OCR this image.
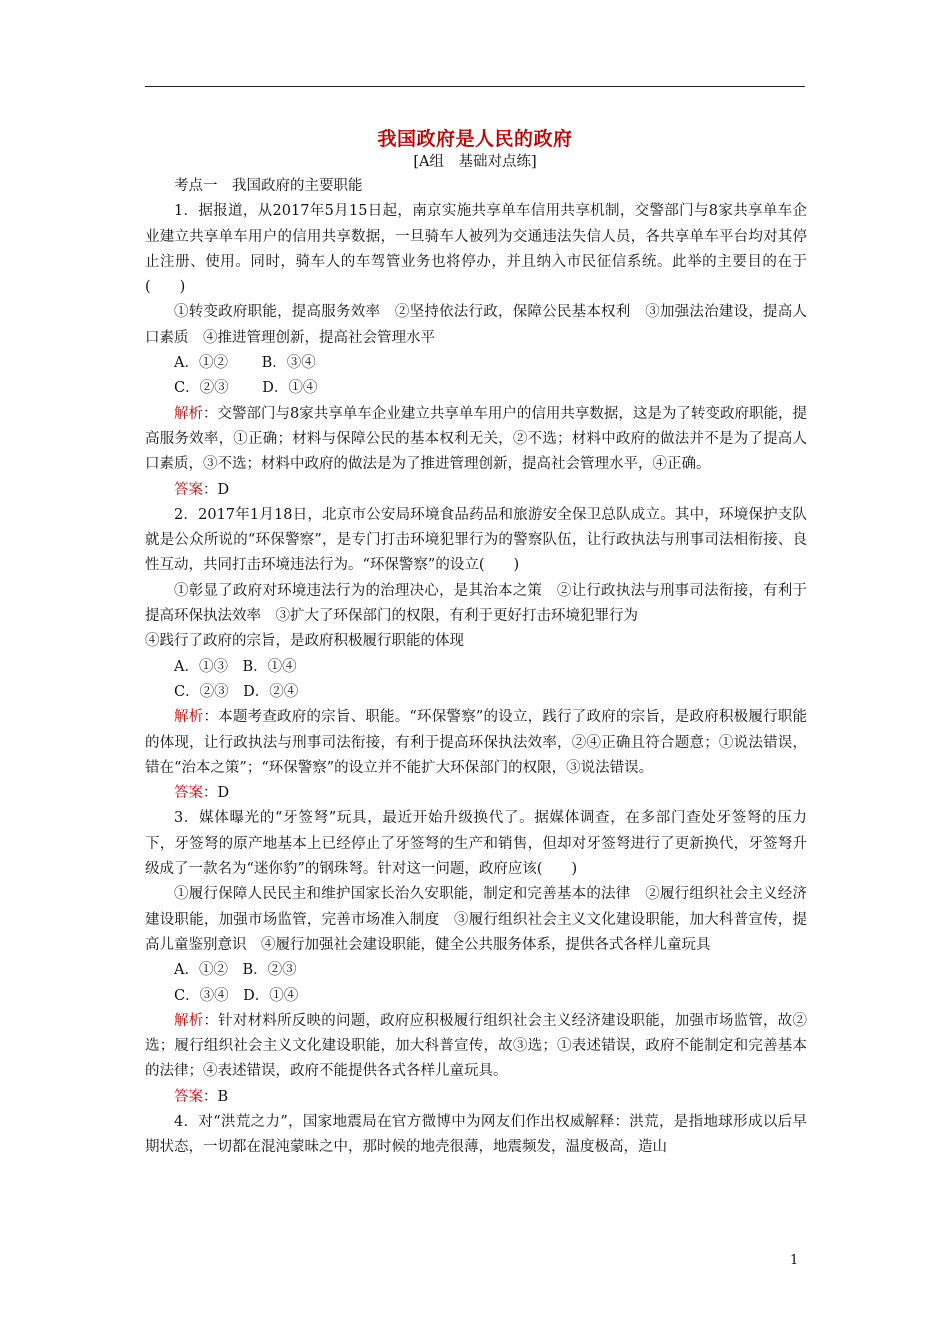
我国政府是人民的政府
[A组　基础对点练]

考点一　我国政府的主要职能

1．据报道，从2017年5月15日起，南京实施共享单车信用共享机制，交警部门与8家共享单车企业建立共享单车用户的信用共享数据，一旦骑车人被列为交通违法失信人员，各共享单车平台均对其停止注册、使用。同时，骑车人的车驾管业务也将停办，并且纳入市民征信系统。此举的主要目的在于(　　)

①转变政府职能，提高服务效率　②坚持依法行政，保障公民基本权利　③加强法治建设，提高人口素质　④推进管理创新，提高社会管理水平

A．①②　　 B．③④

C．②③　　 D．①④

解析：交警部门与8家共享单车企业建立共享单车用户的信用共享数据，这是为了转变政府职能，提高服务效率，①正确；材料与保障公民的基本权利无关，②不选；材料中政府的做法并不是为了提高人口素质，③不选；材料中政府的做法是为了推进管理创新，提高社会管理水平，④正确。

答案：D

2．2017年1月18日，北京市公安局环境食品药品和旅游安全保卫总队成立。其中，环境保护支队就是公众所说的“环保警察”，是专门打击环境犯罪行为的警察队伍，让行政执法与刑事司法相衔接、良性互动，共同打击环境违法行为。“环保警察”的设立(　　)

①彰显了政府对环境违法行为的治理决心，是其治本之策　②让行政执法与刑事司法衔接，有利于提高环保执法效率　③扩大了环保部门的权限，有利于更好打击环境犯罪行为

④践行了政府的宗旨，是政府积极履行职能的体现

A．①③　B．①④

C．②③　D．②④

解析：本题考查政府的宗旨、职能。“环保警察”的设立，践行了政府的宗旨，是政府积极履行职能的体现，让行政执法与刑事司法衔接，有利于提高环保执法效率，②④正确且符合题意；①说法错误，错在“治本之策”；“环保警察”的设立并不能扩大环保部门的权限，③说法错误。

答案：D

3．媒体曝光的“牙签弩”玩具，最近开始升级换代了。据媒体调查，在多部门查处牙签弩的压力下，牙签弩的原产地基本上已经停止了牙签弩的生产和销售，但却对牙签弩进行了更新换代，牙签弩升级成了一款名为“迷你豹”的钢珠弩。针对这一问题，政府应该(　　)

①履行保障人民民主和维护国家长治久安职能，制定和完善基本的法律　②履行组织社会主义经济建设职能，加强市场监管，完善市场准入制度　③履行组织社会主义文化建设职能，加大科普宣传，提高儿童鉴别意识　④履行加强社会建设职能，健全公共服务体系，提供各式各样儿童玩具

A．①②　B．②③

C．③④　D．①④

解析：针对材料所反映的问题，政府应积极履行组织社会主义经济建设职能，加强市场监管，故②选；履行组织社会主义文化建设职能，加大科普宣传，故③选；①表述错误，政府不能制定和完善基本的法律；④表述错误，政府不能提供各式各样儿童玩具。

答案：B

4．对“洪荒之力”，国家地震局在官方微博中为网友们作出权威解释：洪荒，是指地球形成以后早期状态，一切都在混沌蒙昧之中，那时候的地壳很薄，地震频发，温度极高，造山

1
